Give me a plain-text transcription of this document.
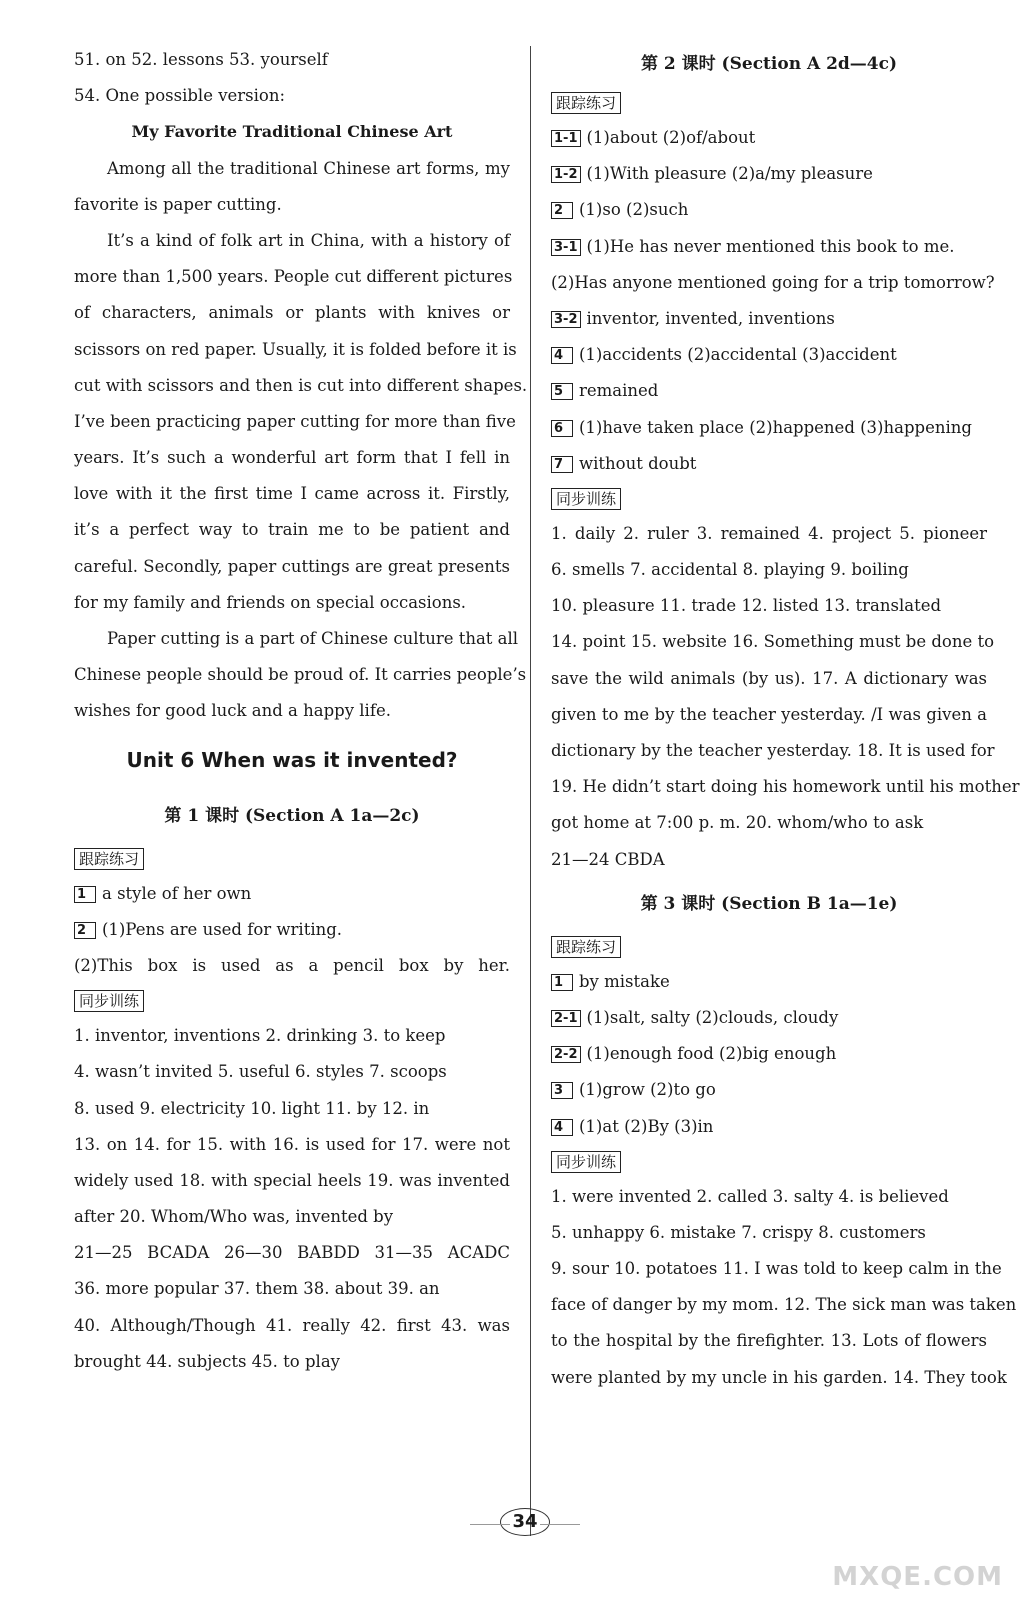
51. on 52. lessons 53. yourself
54. One possible version:
My Favorite Traditional Chinese Art
Among all the traditional Chinese art forms, my
favorite is paper cutting.
It’s a kind of folk art in China, with a history of
more than 1,500 years. People cut different pictures
of characters, animals or plants with knives or
scissors on red paper. Usually, it is folded before it is
cut with scissors and then is cut into different shapes.
I’ve been practicing paper cutting for more than five
years. It’s such a wonderful art form that I fell in
love with it the first time I came across it. Firstly,
it’s a perfect way to train me to be patient and
careful. Secondly, paper cuttings are great presents
for my family and friends on special occasions.
Paper cutting is a part of Chinese culture that all
Chinese people should be proud of. It carries people’s
wishes for good luck and a happy life.
Unit 6 When was it invented?
第 1 课时 (Section A 1a—2c)
跟踪练习
1 a style of her own
2 (1)Pens are used for writing.
(2)This box is used as a pencil box by her.
同步训练
1. inventor, inventions 2. drinking 3. to keep
4. wasn’t invited 5. useful 6. styles 7. scoops
8. used 9. electricity 10. light 11. by 12. in
13. on 14. for 15. with 16. is used for 17. were not
widely used 18. with special heels 19. was invented
after 20. Whom/Who was, invented by
21—25 BCADA 26—30 BABDD 31—35 ACADC
36. more popular 37. them 38. about 39. an
40. Although/Though 41. really 42. first 43. was
brought 44. subjects 45. to play
第 2 课时 (Section A 2d—4c)
跟踪练习
1-1 (1)about (2)of/about
1-2 (1)With pleasure (2)a/my pleasure
2 (1)so (2)such
3-1 (1)He has never mentioned this book to me.
(2)Has anyone mentioned going for a trip tomorrow?
3-2 inventor, invented, inventions
4 (1)accidents (2)accidental (3)accident
5 remained
6 (1)have taken place (2)happened (3)happening
7 without doubt
同步训练
1. daily 2. ruler 3. remained 4. project 5. pioneer
6. smells 7. accidental 8. playing 9. boiling
10. pleasure 11. trade 12. listed 13. translated
14. point 15. website 16. Something must be done to
save the wild animals (by us). 17. A dictionary was
given to me by the teacher yesterday. /I was given a
dictionary by the teacher yesterday. 18. It is used for
19. He didn’t start doing his homework until his mother
got home at 7:00 p. m. 20. whom/who to ask
21—24 CBDA
第 3 课时 (Section B 1a—1e)
跟踪练习
1 by mistake
2-1 (1)salt, salty (2)clouds, cloudy
2-2 (1)enough food (2)big enough
3 (1)grow (2)to go
4 (1)at (2)By (3)in
同步训练
1. were invented 2. called 3. salty 4. is believed
5. unhappy 6. mistake 7. crispy 8. customers
9. sour 10. potatoes 11. I was told to keep calm in the
face of danger by my mom. 12. The sick man was taken
to the hospital by the firefighter. 13. Lots of flowers
were planted by my uncle in his garden. 14. They took
34
MXQE.COM
